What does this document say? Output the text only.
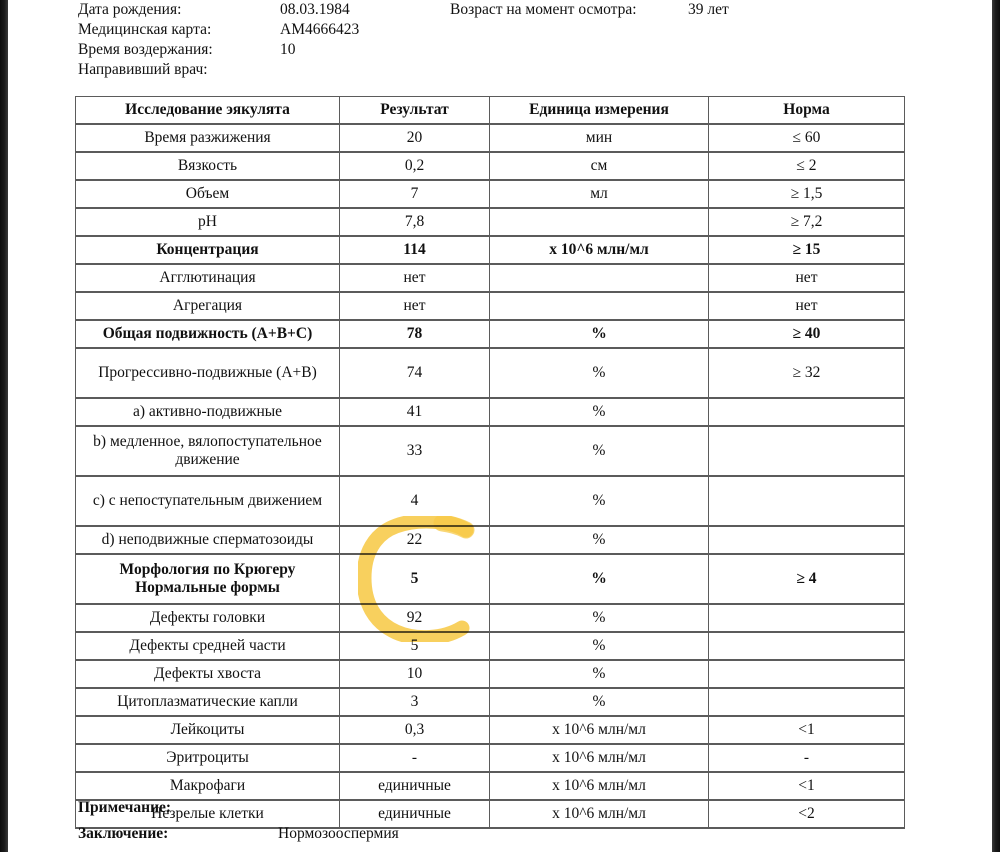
Дата рождения:	08.03.1984	Возраст на момент осмотра:	39 лет
Медицинская карта:	AM4666423
Время воздержания:	10
Направивший врач:
Исследование эякулята	Результат	Единица измерения	Норма
Время разжижения	20	мин	≤ 60
Вязкость	0,2	см	≤ 2
Объем	7	мл	≥ 1,5
pH	7,8		≥ 7,2
Концентрация	114	x 10^6 млн/мл	≥ 15
Агглютинация	нет		нет
Агрегация	нет		нет
Общая подвижность (А+В+С)	78	%	≥ 40
Прогрессивно-подвижные (А+В)	74	%	≥ 32
a) активно-подвижные	41	%	
b) медленное, вялопоступательное движение	33	%	
c) с непоступательным движением	4	%	
d) неподвижные сперматозоиды	22	%	
Морфология по Крюгеру Нормальные формы	5	%	≥ 4
Дефекты головки	92	%	
Дефекты средней части	5	%	
Дефекты хвоста	10	%	
Цитоплазматические капли	3	%	
Лейкоциты	0,3	x 10^6 млн/мл	<1
Эритроциты	-	x 10^6 млн/мл	-
Макрофаги	единичные	x 10^6 млн/мл	<1
Незрелые клетки	единичные	x 10^6 млн/мл	<2
Примечание:
Заключение:	Нормозооспермия
